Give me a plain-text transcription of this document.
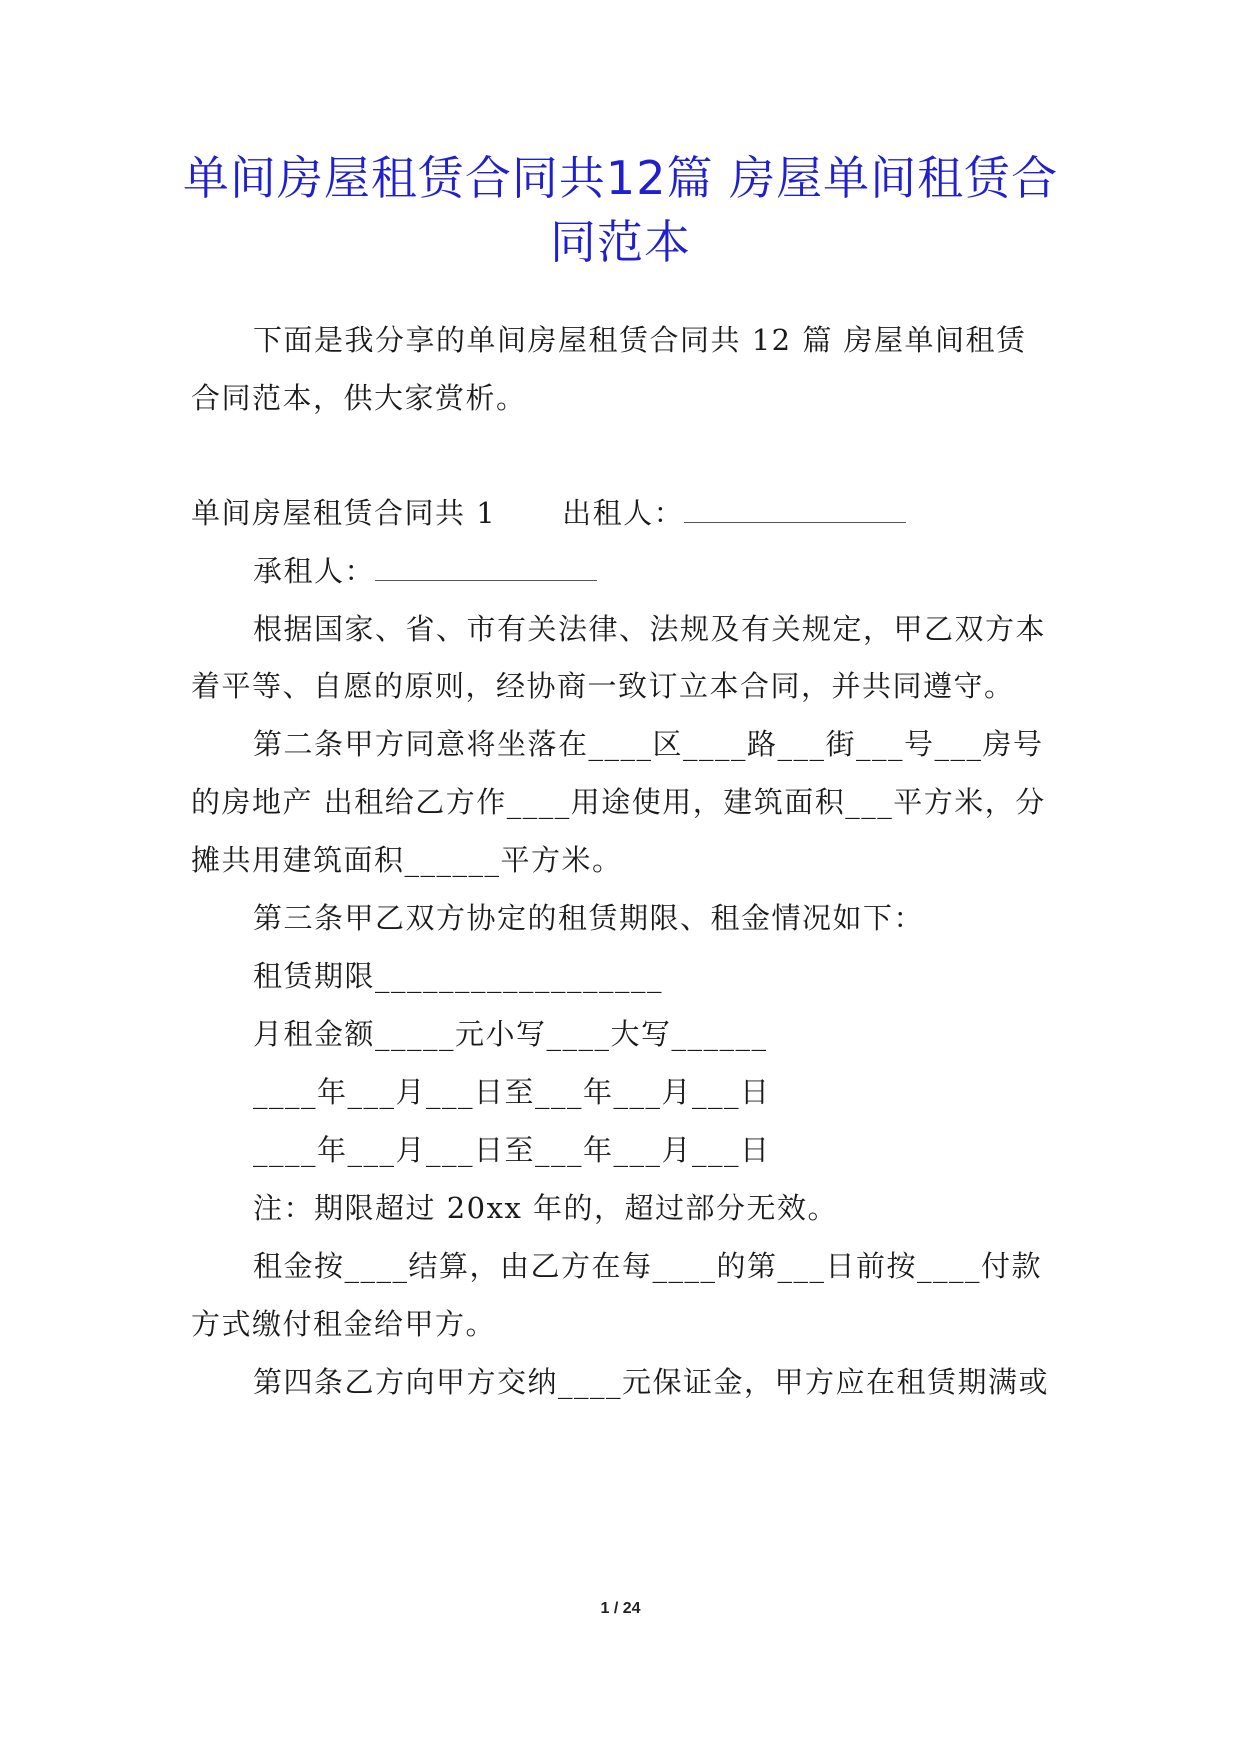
单间房屋租赁合同共12篇 房屋单间租赁合
同范本

下面是我分享的单间房屋租赁合同共 12 篇 房屋单间租赁

合同范本，供大家赏析。

单间房屋租赁合同共 1 出租人：

承租人：

根据国家、省、市有关法律、法规及有关规定，甲乙双方本

着平等、自愿的原则，经协商一致订立本合同，并共同遵守。

第二条甲方同意将坐落在____区____路___街___号___房号

的房地产 出租给乙方作____用途使用，建筑面积___平方米，分

摊共用建筑面积______平方米。

第三条甲乙双方协定的租赁期限、租金情况如下：

租赁期限__________________

月租金额_____元小写____大写______

____年___月___日至___年___月___日

____年___月___日至___年___月___日

注：期限超过 20xx 年的，超过部分无效。

租金按____结算，由乙方在每____的第___日前按____付款

方式缴付租金给甲方。

第四条乙方向甲方交纳____元保证金，甲方应在租赁期满或

1 / 24
